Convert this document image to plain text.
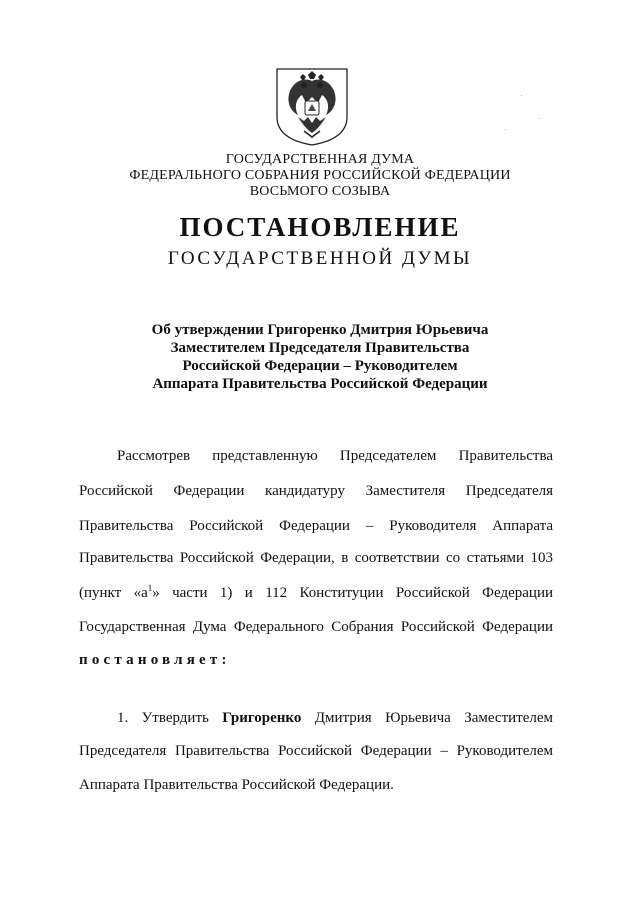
ГОСУДАРСТВЕННАЯ ДУМА
ФЕДЕРАЛЬНОГО СОБРАНИЯ РОССИЙСКОЙ ФЕДЕРАЦИИ
ВОСЬМОГО СОЗЫВА
ПОСТАНОВЛЕНИЕ
ГОСУДАРСТВЕННОЙ ДУМЫ
Об утверждении Григоренко Дмитрия Юрьевича
Заместителем Председателя Правительства
Российской Федерации – Руководителем
Аппарата Правительства Российской Федерации
Рассмотрев представленную Председателем Правительства
Российской Федерации кандидатуру Заместителя Председателя
Правительства Российской Федерации – Руководителя Аппарата
Правительства Российской Федерации, в соответствии со статьями 103
(пункт «$а^1$» части 1) и 112 Конституции Российской Федерации
Государственная Дума Федерального Собрания Российской Федерации
постановляет:
1. Утвердить Григоренко Дмитрия Юрьевича Заместителем
Председателя Правительства Российской Федерации – Руководителем
Аппарата Правительства Российской Федерации.
